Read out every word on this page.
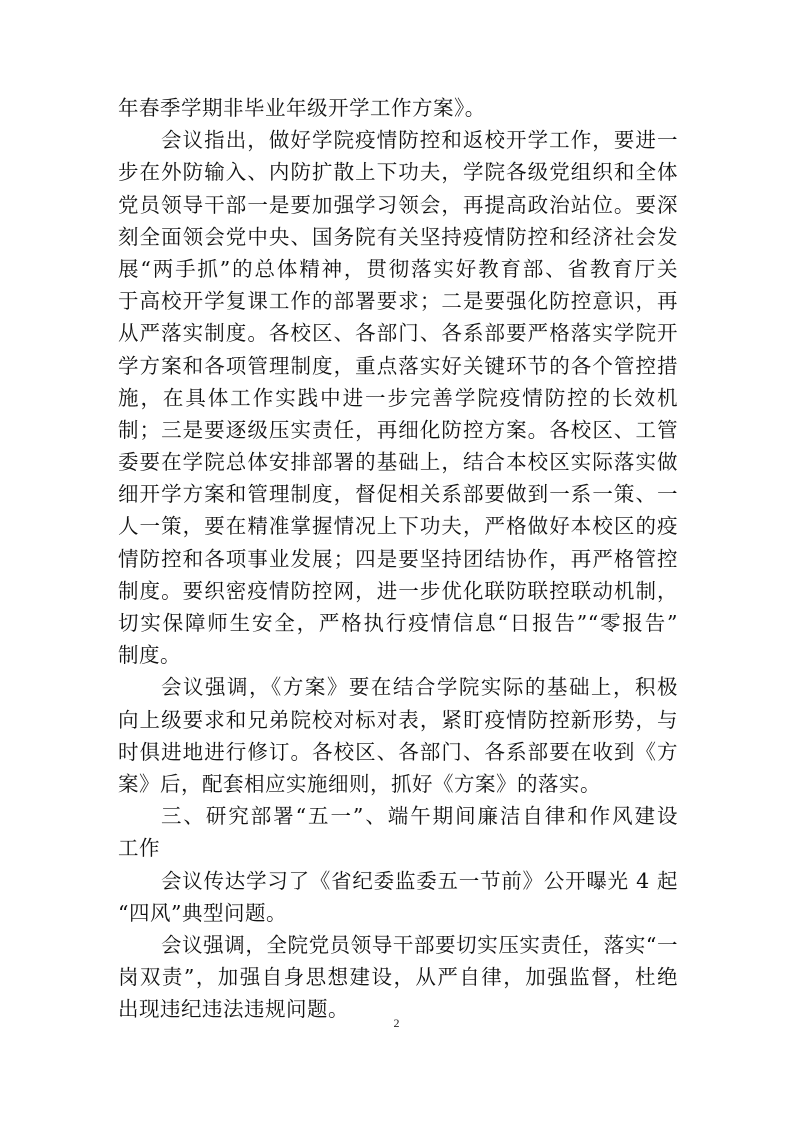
年春季学期非毕业年级开学工作方案》。
会议指出，做好学院疫情防控和返校开学工作，要进一
步在外防输入、内防扩散上下功夫，学院各级党组织和全体
党员领导干部一是要加强学习领会，再提高政治站位。要深
刻全面领会党中央、国务院有关坚持疫情防控和经济社会发
展“两手抓”的总体精神，贯彻落实好教育部、省教育厅关
于高校开学复课工作的部署要求；二是要强化防控意识，再
从严落实制度。各校区、各部门、各系部要严格落实学院开
学方案和各项管理制度，重点落实好关键环节的各个管控措
施，在具体工作实践中进一步完善学院疫情防控的长效机
制；三是要逐级压实责任，再细化防控方案。各校区、工管
委要在学院总体安排部署的基础上，结合本校区实际落实做
细开学方案和管理制度，督促相关系部要做到一系一策、一
人一策，要在精准掌握情况上下功夫，严格做好本校区的疫
情防控和各项事业发展；四是要坚持团结协作，再严格管控
制度。要织密疫情防控网，进一步优化联防联控联动机制，
切实保障师生安全，严格执行疫情信息“日报告”“零报告”
制度。
会议强调，《方案》要在结合学院实际的基础上，积极
向上级要求和兄弟院校对标对表，紧盯疫情防控新形势，与
时俱进地进行修订。各校区、各部门、各系部要在收到《方
案》后，配套相应实施细则，抓好《方案》的落实。
三、研究部署“五一”、端午期间廉洁自律和作风建设
工作
会议传达学习了《省纪委监委五一节前》公开曝光 4 起
“四风”典型问题。
会议强调，全院党员领导干部要切实压实责任，落实“一
岗双责”，加强自身思想建设，从严自律，加强监督，杜绝
出现违纪违法违规问题。
2
